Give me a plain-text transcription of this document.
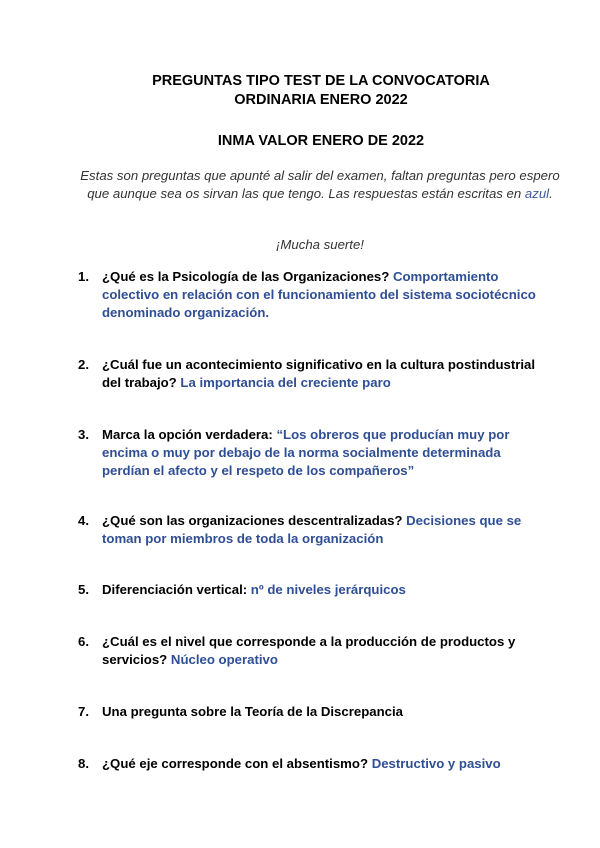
PREGUNTAS TIPO TEST DE LA CONVOCATORIA
ORDINARIA ENERO 2022
INMA VALOR ENERO DE 2022
Estas son preguntas que apunté al salir del examen, faltan preguntas pero espero que aunque sea os sirvan las que tengo. Las respuestas están escritas en azul.
¡Mucha suerte!
1. ¿Qué es la Psicología de las Organizaciones? Comportamiento colectivo en relación con el funcionamiento del sistema sociotécnico denominado organización.
2. ¿Cuál fue un acontecimiento significativo en la cultura postindustrial del trabajo? La importancia del creciente paro
3. Marca la opción verdadera: “Los obreros que producían muy por encima o muy por debajo de la norma socialmente determinada perdían el afecto y el respeto de los compañeros”
4. ¿Qué son las organizaciones descentralizadas? Decisiones que se toman por miembros de toda la organización
5. Diferenciación vertical: nº de niveles jerárquicos
6. ¿Cuál es el nivel que corresponde a la producción de productos y servicios? Núcleo operativo
7. Una pregunta sobre la Teoría de la Discrepancia
8. ¿Qué eje corresponde con el absentismo? Destructivo y pasivo
